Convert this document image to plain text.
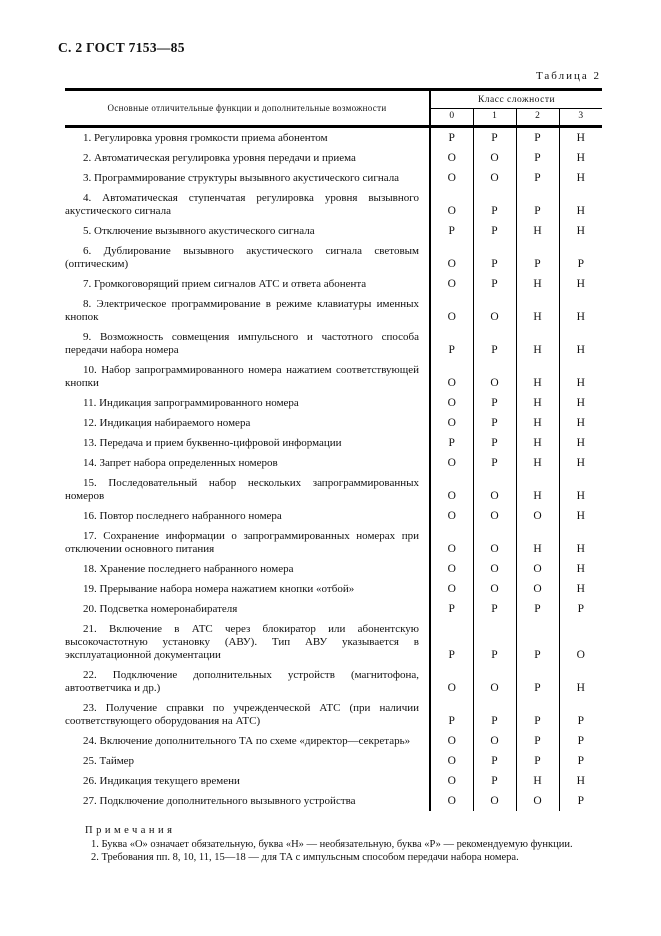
С. 2 ГОСТ 7153—85
Таблица 2
Основные отличительные функции и дополнительные возможности	Класс сложности			
	0	1	2	3
1. Регулировка уровня громкости приема абонентом	Р	Р	Р	Н
2. Автоматическая регулировка уровня передачи и приема	О	О	Р	Н
3. Программирование структуры вызывного акустического сигнала	О	О	Р	Н
4. Автоматическая ступенчатая регулировка уровня вызывного акустического сигнала	О	Р	Р	Н
5. Отключение вызывного акустического сигнала	Р	Р	Н	Н
6. Дублирование вызывного акустического сигнала световым (оптическим)	О	Р	Р	Р
7. Громкоговорящий прием сигналов АТС и ответа абонента	О	Р	Н	Н
8. Электрическое программирование в режиме клавиатуры именных кнопок	О	О	Н	Н
9. Возможность совмещения импульсного и частотного способа передачи набора номера	Р	Р	Н	Н
10. Набор запрограммированного номера нажатием соответствующей кнопки	О	О	Н	Н
11. Индикация запрограммированного номера	О	Р	Н	Н
12. Индикация набираемого номера	О	Р	Н	Н
13. Передача и прием буквенно-цифровой информации	Р	Р	Н	Н
14. Запрет набора определенных номеров	О	Р	Н	Н
15. Последовательный набор нескольких запрограммированных номеров	О	О	Н	Н
16. Повтор последнего набранного номера	О	О	О	Н
17. Сохранение информации о запрограммированных номерах при отключении основного питания	О	О	Н	Н
18. Хранение последнего набранного номера	О	О	О	Н
19. Прерывание набора номера нажатием кнопки «отбой»	О	О	О	Н
20. Подсветка номеронабирателя	Р	Р	Р	Р
21. Включение в АТС через блокиратор или абонентскую высокочастотную установку (АВУ). Тип АВУ указывается в эксплуатационной документации	Р	Р	Р	О
22. Подключение дополнительных устройств (магнитофона, автоответчика и др.)	О	О	Р	Н
23. Получение справки по учрежденческой АТС (при наличии соответствующего оборудования на АТС)	Р	Р	Р	Р
24. Включение дополнительного ТА по схеме «директор—секретарь»	О	О	Р	Р
25. Таймер	О	Р	Р	Р
26. Индикация текущего времени	О	Р	Н	Н
27. Подключение дополнительного вызывного устройства	О	О	О	Р
Примечания
1. Буква «О» означает обязательную, буква «Н» — необязательную, буква «Р» — рекомендуемую функции.
2. Требования пп. 8, 10, 11, 15—18 — для ТА с импульсным способом передачи набора номера.
